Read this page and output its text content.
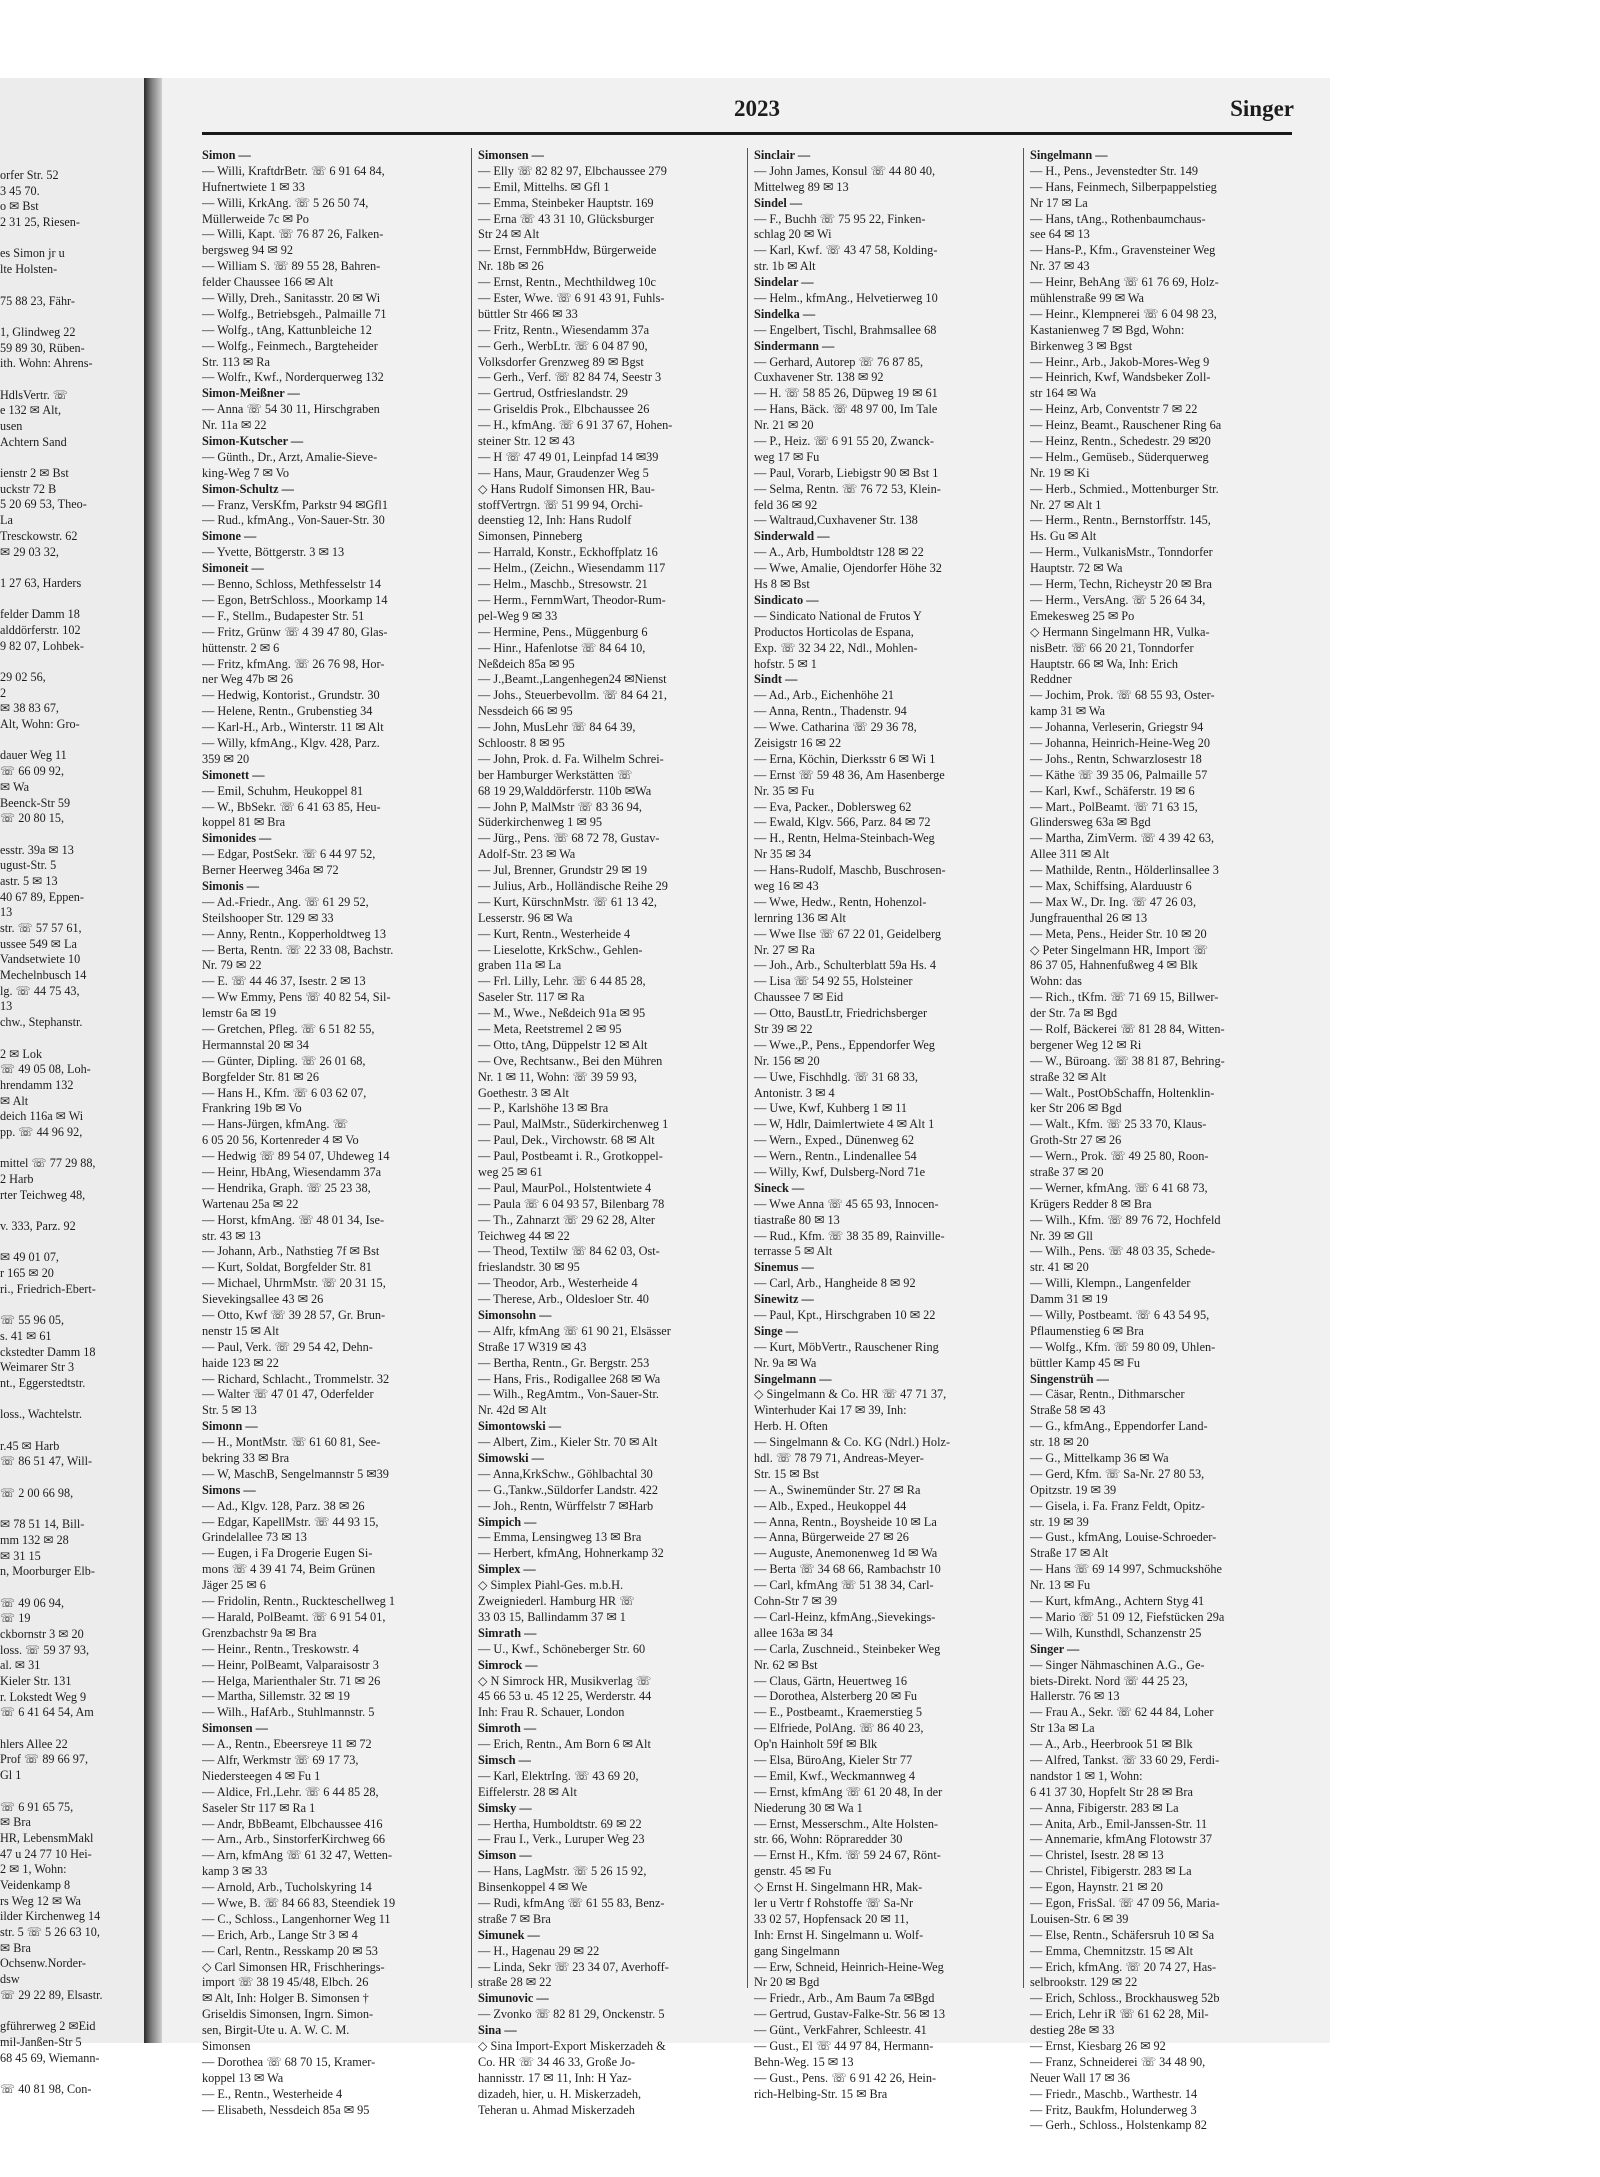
orfer Str. 52
3 45 70.
o ✉ Bst
2 31 25, Riesen-
es Simon jr u
lte Holsten-
75 88 23, Fähr-
1, Glindweg 22
59 89 30, Rüben-
ith. Wohn: Ahrens-
HdlsVertr. ☏
e 132 ✉ Alt,
usen
Achtern Sand
ienstr 2 ✉ Bst
uckstr 72 B
5 20 69 53, Theo-
La
Tresckowstr. 62
✉ 29 03 32,
1 27 63, Harders
felder Damm 18
alddörferstr. 102
9 82 07, Lohbek-
29 02 56,
2
✉ 38 83 67,
Alt, Wohn: Gro-
dauer Weg 11
☏ 66 09 92,
✉ Wa
Beenck-Str 59
☏ 20 80 15,
esstr. 39a ✉ 13
ugust-Str. 5
astr. 5 ✉ 13
40 67 89, Eppen-
13
str. ☏ 57 57 61,
ussee 549 ✉ La
Vandsetwiete 10
Mechelnbusch 14
lg. ☏ 44 75 43,
13
chw., Stephanstr.
2 ✉ Lok
☏ 49 05 08, Loh-
hrendamm 132
✉ Alt
deich 116a ✉ Wi
pp. ☏ 44 96 92,
mittel ☏ 77 29 88,
2 Harb
rter Teichweg 48,
v. 333, Parz. 92
✉ 49 01 07,
r 165 ✉ 20
ri., Friedrich-Ebert-
☏ 55 96 05,
s. 41 ✉ 61
ckstedter Damm 18
Weimarer Str 3
nt., Eggerstedtstr.
loss., Wachtelstr.
r.45 ✉ Harb
☏ 86 51 47, Will-
☏ 2 00 66 98,
✉ 78 51 14, Bill-
mm 132 ✉ 28
✉ 31 15
n, Moorburger Elb-
☏ 49 06 94,
☏ 19
ckbornstr 3 ✉ 20
loss. ☏ 59 37 93,
al. ✉ 31
Kieler Str. 131
r. Lokstedt Weg 9
☏ 6 41 64 54, Am
hlers Allee 22
Prof ☏ 89 66 97,
Gl 1
☏ 6 91 65 75,
✉ Bra
HR, LebensmMakl
47 u 24 77 10 Hei-
2 ✉ 1, Wohn:
Veidenkamp 8
rs Weg 12 ✉ Wa
ilder Kirchenweg 14
str. 5 ☏ 5 26 63 10,
✉ Bra
Ochsenw.Norder-
dsw
☏ 29 22 89, Elsastr.
gführerweg 2 ✉Eid
mil-Janßen-Str 5
68 45 69, Wiemann-
☏ 40 81 98, Con-
2023	Singer
Simon —
— Willi, KraftdrBetr. ☏ 6 91 64 84,
Hufnertwiete 1 ✉ 33
— Willi, KrkAng. ☏ 5 26 50 74,
Müllerweide 7c ✉ Po
— Willi, Kapt. ☏ 76 87 26, Falken-
bergsweg 94 ✉ 92
— William S. ☏ 89 55 28, Bahren-
felder Chaussee 166 ✉ Alt
— Willy, Dreh., Sanitasstr. 20 ✉ Wi
— Wolfg., Betriebsgeh., Palmaille 71
— Wolfg., tAng, Kattunbleiche 12
— Wolfg., Feinmech., Bargteheider
Str. 113 ✉ Ra
— Wolfr., Kwf., Norderquerweg 132
Simon-Meißner —
— Anna ☏ 54 30 11, Hirschgraben
Nr. 11a ✉ 22
Simon-Kutscher —
— Günth., Dr., Arzt, Amalie-Sieve-
king-Weg 7 ✉ Vo
Simon-Schultz —
— Franz, VersKfm, Parkstr 94 ✉Gfl1
— Rud., kfmAng., Von-Sauer-Str. 30
Simone —
— Yvette, Böttgerstr. 3 ✉ 13
Simoneit —
— Benno, Schloss, Methfesselstr 14
— Egon, BetrSchloss., Moorkamp 14
— F., Stellm., Budapester Str. 51
— Fritz, Grünw ☏ 4 39 47 80, Glas-
hüttenstr. 2 ✉ 6
— Fritz, kfmAng. ☏ 26 76 98, Hor-
ner Weg 47b ✉ 26
— Hedwig, Kontorist., Grundstr. 30
— Helene, Rentn., Grubenstieg 34
— Karl-H., Arb., Winterstr. 11 ✉ Alt
— Willy, kfmAng., Klgv. 428, Parz.
359 ✉ 20
Simonett —
— Emil, Schuhm, Heukoppel 81
— W., BbSekr. ☏ 6 41 63 85, Heu-
koppel 81 ✉ Bra
Simonides —
— Edgar, PostSekr. ☏ 6 44 97 52,
Berner Heerweg 346a ✉ 72
Simonis —
— Ad.-Friedr., Ang. ☏ 61 29 52,
Steilshooper Str. 129 ✉ 33
— Anny, Rentn., Kopperholdtweg 13
— Berta, Rentn. ☏ 22 33 08, Bachstr.
Nr. 79 ✉ 22
— E. ☏ 44 46 37, Isestr. 2 ✉ 13
— Ww Emmy, Pens ☏ 40 82 54, Sil-
lemstr 6a ✉ 19
— Gretchen, Pfleg. ☏ 6 51 82 55,
Hermannstal 20 ✉ 34
— Günter, Dipling. ☏ 26 01 68,
Borgfelder Str. 81 ✉ 26
— Hans H., Kfm. ☏ 6 03 62 07,
Frankring 19b ✉ Vo
— Hans-Jürgen, kfmAng. ☏
6 05 20 56, Kortenreder 4 ✉ Vo
— Hedwig ☏ 89 54 07, Uhdeweg 14
— Heinr, HbAng, Wiesendamm 37a
— Hendrika, Graph. ☏ 25 23 38,
Wartenau 25a ✉ 22
— Horst, kfmAng. ☏ 48 01 34, Ise-
str. 43 ✉ 13
— Johann, Arb., Nathstieg 7f ✉ Bst
— Kurt, Soldat, Borgfelder Str. 81
— Michael, UhrmMstr. ☏ 20 31 15,
Sievekingsallee 43 ✉ 26
— Otto, Kwf ☏ 39 28 57, Gr. Brun-
nenstr 15 ✉ Alt
— Paul, Verk. ☏ 29 54 42, Dehn-
haide 123 ✉ 22
— Richard, Schlacht., Trommelstr. 32
— Walter ☏ 47 01 47, Oderfelder
Str. 5 ✉ 13
Simonn —
— H., MontMstr. ☏ 61 60 81, See-
bekring 33 ✉ Bra
— W, MaschB, Sengelmannstr 5 ✉39
Simons —
— Ad., Klgv. 128, Parz. 38 ✉ 26
— Edgar, KapellMstr. ☏ 44 93 15,
Grindelallee 73 ✉ 13
— Eugen, i Fa Drogerie Eugen Si-
mons ☏ 4 39 41 74, Beim Grünen
Jäger 25 ✉ 6
— Fridolin, Rentn., Ruckteschellweg 1
— Harald, PolBeamt. ☏ 6 91 54 01,
Grenzbachstr 9a ✉ Bra
— Heinr., Rentn., Treskowstr. 4
— Heinr, PolBeamt, Valparaisostr 3
— Helga, Marienthaler Str. 71 ✉ 26
— Martha, Sillemstr. 32 ✉ 19
— Wilh., HafArb., Stuhlmannstr. 5
Simonsen —
— A., Rentn., Ebeersreye 11 ✉ 72
— Alfr, Werkmstr ☏ 69 17 73,
Niedersteegen 4 ✉ Fu 1
— Aldice, Frl.,Lehr. ☏ 6 44 85 28,
Saseler Str 117 ✉ Ra 1
— Andr, BbBeamt, Elbchaussee 416
— Arn., Arb., SinstorferKirchweg 66
— Arn, kfmAng ☏ 61 32 47, Wetten-
kamp 3 ✉ 33
— Arnold, Arb., Tucholskyring 14
— Wwe, B. ☏ 84 66 83, Steendiek 19
— C., Schloss., Langenhorner Weg 11
— Erich, Arb., Lange Str 3 ✉ 4
— Carl, Rentn., Resskamp 20 ✉ 53
◇ Carl Simonsen HR, Frischherings-
import ☏ 38 19 45/48, Elbch. 26
✉ Alt, Inh: Holger B. Simonsen †
Griseldis Simonsen, Ingrn. Simon-
sen, Birgit-Ute u. A. W. C. M.
Simonsen
— Dorothea ☏ 68 70 15, Kramer-
koppel 13 ✉ Wa
— E., Rentn., Westerheide 4
— Elisabeth, Nessdeich 85a ✉ 95
Simonsen —
— Elly ☏ 82 82 97, Elbchaussee 279
— Emil, Mittelhs. ✉ Gfl 1
— Emma, Steinbeker Hauptstr. 169
— Erna ☏ 43 31 10, Glücksburger
Str 24 ✉ Alt
— Ernst, FernmbHdw, Bürgerweide
Nr. 18b ✉ 26
— Ernst, Rentn., Mechthildweg 10c
— Ester, Wwe. ☏ 6 91 43 91, Fuhls-
büttler Str 466 ✉ 33
— Fritz, Rentn., Wiesendamm 37a
— Gerh., WerbLtr. ☏ 6 04 87 90,
Volksdorfer Grenzweg 89 ✉ Bgst
— Gerh., Verf. ☏ 82 84 74, Seestr 3
— Gertrud, Ostfrieslandstr. 29
— Griseldis Prok., Elbchaussee 26
— H., kfmAng. ☏ 6 91 37 67, Hohen-
steiner Str. 12 ✉ 43
— H ☏ 47 49 01, Leinpfad 14 ✉39
— Hans, Maur, Graudenzer Weg 5
◇ Hans Rudolf Simonsen HR, Bau-
stoffVertrgn. ☏ 51 99 94, Orchi-
deenstieg 12, Inh: Hans Rudolf
Simonsen, Pinneberg
— Harrald, Konstr., Eckhoffplatz 16
— Helm., (Zeichn., Wiesendamm 117
— Helm., Maschb., Stresowstr. 21
— Herm., FernmWart, Theodor-Rum-
pel-Weg 9 ✉ 33
— Hermine, Pens., Müggenburg 6
— Hinr., Hafenlotse ☏ 84 64 10,
Neßdeich 85a ✉ 95
— J.,Beamt.,Langenhegen24 ✉Nienst
— Johs., Steuerbevollm. ☏ 84 64 21,
Nessdeich 66 ✉ 95
— John, MusLehr ☏ 84 64 39,
Schloostr. 8 ✉ 95
— John, Prok. d. Fa. Wilhelm Schrei-
ber Hamburger Werkstätten ☏
68 19 29,Walddörferstr. 110b ✉Wa
— John P, MalMstr ☏ 83 36 94,
Süderkirchenweg 1 ✉ 95
— Jürg., Pens. ☏ 68 72 78, Gustav-
Adolf-Str. 23 ✉ Wa
— Jul, Brenner, Grundstr 29 ✉ 19
— Julius, Arb., Holländische Reihe 29
— Kurt, KürschnMstr. ☏ 61 13 42,
Lesserstr. 96 ✉ Wa
— Kurt, Rentn., Westerheide 4
— Lieselotte, KrkSchw., Gehlen-
graben 11a ✉ La
— Frl. Lilly, Lehr. ☏ 6 44 85 28,
Saseler Str. 117 ✉ Ra
— M., Wwe., Neßdeich 91a ✉ 95
— Meta, Reetstremel 2 ✉ 95
— Otto, tAng, Düppelstr 12 ✉ Alt
— Ove, Rechtsanw., Bei den Mühren
Nr. 1 ✉ 11, Wohn: ☏ 39 59 93,
Goethestr. 3 ✉ Alt
— P., Karlshöhe 13 ✉ Bra
— Paul, MalMstr., Süderkirchenweg 1
— Paul, Dek., Virchowstr. 68 ✉ Alt
— Paul, Postbeamt i. R., Grotkoppel-
weg 25 ✉ 61
— Paul, MaurPol., Holstentwiete 4
— Paula ☏ 6 04 93 57, Bilenbarg 78
— Th., Zahnarzt ☏ 29 62 28, Alter
Teichweg 44 ✉ 22
— Theod, Textilw ☏ 84 62 03, Ost-
frieslandstr. 30 ✉ 95
— Theodor, Arb., Westerheide 4
— Therese, Arb., Oldesloer Str. 40
Simonsohn —
— Alfr, kfmAng ☏ 61 90 21, Elsässer
Straße 17 W319 ✉ 43
— Bertha, Rentn., Gr. Bergstr. 253
— Hans, Fris., Rodigallee 268 ✉ Wa
— Wilh., RegAmtm., Von-Sauer-Str.
Nr. 42d ✉ Alt
Simontowski —
— Albert, Zim., Kieler Str. 70 ✉ Alt
Simowski —
— Anna,KrkSchw., Göhlbachtal 30
— G.,Tankw.,Süldorfer Landstr. 422
— Joh., Rentn, Würffelstr 7 ✉Harb
Simpich —
— Emma, Lensingweg 13 ✉ Bra
— Herbert, kfmAng, Hohnerkamp 32
Simplex —
◇ Simplex Piahl-Ges. m.b.H.
Zweigniederl. Hamburg HR ☏
33 03 15, Ballindamm 37 ✉ 1
Simrath —
— U., Kwf., Schöneberger Str. 60
Simrock —
◇ N Simrock HR, Musikverlag ☏
45 66 53 u. 45 12 25, Werderstr. 44
Inh: Frau R. Schauer, London
Simroth —
— Erich, Rentn., Am Born 6 ✉ Alt
Simsch —
— Karl, ElektrIng. ☏ 43 69 20,
Eiffelerstr. 28 ✉ Alt
Simsky —
— Hertha, Humboldtstr. 69 ✉ 22
— Frau I., Verk., Luruper Weg 23
Simson —
— Hans, LagMstr. ☏ 5 26 15 92,
Binsenkoppel 4 ✉ We
— Rudi, kfmAng ☏ 61 55 83, Benz-
straße 7 ✉ Bra
Simunek —
— H., Hagenau 29 ✉ 22
— Linda, Sekr ☏ 23 34 07, Averhoff-
straße 28 ✉ 22
Simunovic —
— Zvonko ☏ 82 81 29, Onckenstr. 5
Sina —
◇ Sina Import-Export Miskerzadeh &
Co. HR ☏ 34 46 33, Große Jo-
hannisstr. 17 ✉ 11, Inh: H Yaz-
dizadeh, hier, u. H. Miskerzadeh,
Teheran u. Ahmad Miskerzadeh
Sinclair —
— John James, Konsul ☏ 44 80 40,
Mittelweg 89 ✉ 13
Sindel —
— F., Buchh ☏ 75 95 22, Finken-
schlag 20 ✉ Wi
— Karl, Kwf. ☏ 43 47 58, Kolding-
str. 1b ✉ Alt
Sindelar —
— Helm., kfmAng., Helvetierweg 10
Sindelka —
— Engelbert, Tischl, Brahmsallee 68
Sindermann —
— Gerhard, Autorep ☏ 76 87 85,
Cuxhavener Str. 138 ✉ 92
— H. ☏ 58 85 26, Düpweg 19 ✉ 61
— Hans, Bäck. ☏ 48 97 00, Im Tale
Nr. 21 ✉ 20
— P., Heiz. ☏ 6 91 55 20, Zwanck-
weg 17 ✉ Fu
— Paul, Vorarb, Liebigstr 90 ✉ Bst 1
— Selma, Rentn. ☏ 76 72 53, Klein-
feld 36 ✉ 92
— Waltraud,Cuxhavener Str. 138
Sinderwald —
— A., Arb, Humboldtstr 128 ✉ 22
— Wwe, Amalie, Ojendorfer Höhe 32
Hs 8 ✉ Bst
Sindicato —
— Sindicato National de Frutos Y
Productos Horticolas de Espana,
Exp. ☏ 32 34 22, Ndl., Mohlen-
hofstr. 5 ✉ 1
Sindt —
— Ad., Arb., Eichenhöhe 21
— Anna, Rentn., Thadenstr. 94
— Wwe. Catharina ☏ 29 36 78,
Zeisigstr 16 ✉ 22
— Erna, Köchin, Dierksstr 6 ✉ Wi 1
— Ernst ☏ 59 48 36, Am Hasenberge
Nr. 35 ✉ Fu
— Eva, Packer., Doblersweg 62
— Ewald, Klgv. 566, Parz. 84 ✉ 72
— H., Rentn, Helma-Steinbach-Weg
Nr 35 ✉ 34
— Hans-Rudolf, Maschb, Buschrosen-
weg 16 ✉ 43
— Wwe, Hedw., Rentn, Hohenzol-
lernring 136 ✉ Alt
— Wwe Ilse ☏ 67 22 01, Geidelberg
Nr. 27 ✉ Ra
— Joh., Arb., Schulterblatt 59a Hs. 4
— Lisa ☏ 54 92 55, Holsteiner
Chaussee 7 ✉ Eid
— Otto, BaustLtr, Friedrichsberger
Str 39 ✉ 22
— Wwe.,P., Pens., Eppendorfer Weg
Nr. 156 ✉ 20
— Uwe, Fischhdlg. ☏ 31 68 33,
Antonistr. 3 ✉ 4
— Uwe, Kwf, Kuhberg 1 ✉ 11
— W, Hdlr, Daimlertwiete 4 ✉ Alt 1
— Wern., Exped., Dünenweg 62
— Wern., Rentn., Lindenallee 54
— Willy, Kwf, Dulsberg-Nord 71e
Sineck —
— Wwe Anna ☏ 45 65 93, Innocen-
tiastraße 80 ✉ 13
— Rud., Kfm. ☏ 38 35 89, Rainville-
terrasse 5 ✉ Alt
Sinemus —
— Carl, Arb., Hangheide 8 ✉ 92
Sinewitz —
— Paul, Kpt., Hirschgraben 10 ✉ 22
Singe —
— Kurt, MöbVertr., Rauschener Ring
Nr. 9a ✉ Wa
Singelmann —
◇ Singelmann & Co. HR ☏ 47 71 37,
Winterhuder Kai 17 ✉ 39, Inh:
Herb. H. Often
— Singelmann & Co. KG (Ndrl.) Holz-
hdl. ☏ 78 79 71, Andreas-Meyer-
Str. 15 ✉ Bst
— A., Swinemünder Str. 27 ✉ Ra
— Alb., Exped., Heukoppel 44
— Anna, Rentn., Boysheide 10 ✉ La
— Anna, Bürgerweide 27 ✉ 26
— Auguste, Anemonenweg 1d ✉ Wa
— Berta ☏ 34 68 66, Rambachstr 10
— Carl, kfmAng ☏ 51 38 34, Carl-
Cohn-Str 7 ✉ 39
— Carl-Heinz, kfmAng.,Sievekings-
allee 163a ✉ 34
— Carla, Zuschneid., Steinbeker Weg
Nr. 62 ✉ Bst
— Claus, Gärtn, Heuertweg 16
— Dorothea, Alsterberg 20 ✉ Fu
— E., Postbeamt., Kraemerstieg 5
— Elfriede, PolAng. ☏ 86 40 23,
Op'n Hainholt 59f ✉ Blk
— Elsa, BüroAng, Kieler Str 77
— Emil, Kwf., Weckmannweg 4
— Ernst, kfmAng ☏ 61 20 48, In der
Niederung 30 ✉ Wa 1
— Ernst, Messerschm., Alte Holsten-
str. 66, Wohn: Röpraredder 30
— Ernst H., Kfm. ☏ 59 24 67, Rönt-
genstr. 45 ✉ Fu
◇ Ernst H. Singelmann HR, Mak-
ler u Vertr f Rohstoffe ☏ Sa-Nr
33 02 57, Hopfensack 20 ✉ 11,
Inh: Ernst H. Singelmann u. Wolf-
gang Singelmann
— Erw, Schneid, Heinrich-Heine-Weg
Nr 20 ✉ Bgd
— Friedr., Arb., Am Baum 7a ✉Bgd
— Gertrud, Gustav-Falke-Str. 56 ✉ 13
— Günt., VerkFahrer, Schleestr. 41
— Gust., El ☏ 44 97 84, Hermann-
Behn-Weg. 15 ✉ 13
— Gust., Pens. ☏ 6 91 42 26, Hein-
rich-Helbing-Str. 15 ✉ Bra
Singelmann —
— H., Pens., Jevenstedter Str. 149
— Hans, Feinmech, Silberpappelstieg
Nr 17 ✉ La
— Hans, tAng., Rothenbaumchaus-
see 64 ✉ 13
— Hans-P., Kfm., Gravensteiner Weg
Nr. 37 ✉ 43
— Heinr, BehAng ☏ 61 76 69, Holz-
mühlenstraße 99 ✉ Wa
— Heinr., Klempnerei ☏ 6 04 98 23,
Kastanienweg 7 ✉ Bgd, Wohn:
Birkenweg 3 ✉ Bgst
— Heinr., Arb., Jakob-Mores-Weg 9
— Heinrich, Kwf, Wandsbeker Zoll-
str 164 ✉ Wa
— Heinz, Arb, Conventstr 7 ✉ 22
— Heinz, Beamt., Rauschener Ring 6a
— Heinz, Rentn., Schedestr. 29 ✉20
— Helm., Gemüseb., Süderquerweg
Nr. 19 ✉ Ki
— Herb., Schmied., Mottenburger Str.
Nr. 27 ✉ Alt 1
— Herm., Rentn., Bernstorffstr. 145,
Hs. Gu ✉ Alt
— Herm., VulkanisMstr., Tonndorfer
Hauptstr. 72 ✉ Wa
— Herm, Techn, Richeystr 20 ✉ Bra
— Herm., VersAng. ☏ 5 26 64 34,
Emekesweg 25 ✉ Po
◇ Hermann Singelmann HR, Vulka-
nisBetr. ☏ 66 20 21, Tonndorfer
Hauptstr. 66 ✉ Wa, Inh: Erich
Reddner
— Jochim, Prok. ☏ 68 55 93, Oster-
kamp 31 ✉ Wa
— Johanna, Verleserin, Griegstr 94
— Johanna, Heinrich-Heine-Weg 20
— Johs., Rentn, Schwarzlosestr 18
— Käthe ☏ 39 35 06, Palmaille 57
— Karl, Kwf., Schäferstr. 19 ✉ 6
— Mart., PolBeamt. ☏ 71 63 15,
Glindersweg 63a ✉ Bgd
— Martha, ZimVerm. ☏ 4 39 42 63,
Allee 311 ✉ Alt
— Mathilde, Rentn., Hölderlinsallee 3
— Max, Schiffsing, Alarduustr 6
— Max W., Dr. Ing. ☏ 47 26 03,
Jungfrauenthal 26 ✉ 13
— Meta, Pens., Heider Str. 10 ✉ 20
◇ Peter Singelmann HR, Import ☏
86 37 05, Hahnenfußweg 4 ✉ Blk
Wohn: das
— Rich., tKfm. ☏ 71 69 15, Billwer-
der Str. 7a ✉ Bgd
— Rolf, Bäckerei ☏ 81 28 84, Witten-
bergener Weg 12 ✉ Ri
— W., Büroang. ☏ 38 81 87, Behring-
straße 32 ✉ Alt
— Walt., PostObSchaffn, Holtenklin-
ker Str 206 ✉ Bgd
— Walt., Kfm. ☏ 25 33 70, Klaus-
Groth-Str 27 ✉ 26
— Wern., Prok. ☏ 49 25 80, Roon-
straße 37 ✉ 20
— Werner, kfmAng. ☏ 6 41 68 73,
Krügers Redder 8 ✉ Bra
— Wilh., Kfm. ☏ 89 76 72, Hochfeld
Nr. 39 ✉ Gll
— Wilh., Pens. ☏ 48 03 35, Schede-
str. 41 ✉ 20
— Willi, Klempn., Langenfelder
Damm 31 ✉ 19
— Willy, Postbeamt. ☏ 6 43 54 95,
Pflaumenstieg 6 ✉ Bra
— Wolfg., Kfm. ☏ 59 80 09, Uhlen-
büttler Kamp 45 ✉ Fu
Singenstrüh —
— Cäsar, Rentn., Dithmarscher
Straße 58 ✉ 43
— G., kfmAng., Eppendorfer Land-
str. 18 ✉ 20
— G., Mittelkamp 36 ✉ Wa
— Gerd, Kfm. ☏ Sa-Nr. 27 80 53,
Opitzstr. 19 ✉ 39
— Gisela, i. Fa. Franz Feldt, Opitz-
str. 19 ✉ 39
— Gust., kfmAng, Louise-Schroeder-
Straße 17 ✉ Alt
— Hans ☏ 69 14 997, Schmuckshöhe
Nr. 13 ✉ Fu
— Kurt, kfmAng., Achtern Styg 41
— Mario ☏ 51 09 12, Fiefstücken 29a
— Wilh, Kunsthdl, Schanzenstr 25
Singer —
— Singer Nähmaschinen A.G., Ge-
biets-Direkt. Nord ☏ 44 25 23,
Hallerstr. 76 ✉ 13
— Frau A., Sekr. ☏ 62 44 84, Loher
Str 13a ✉ La
— A., Arb., Heerbrook 51 ✉ Blk
— Alfred, Tankst. ☏ 33 60 29, Ferdi-
nandstor 1 ✉ 1, Wohn:
6 41 37 30, Hopfelt Str 28 ✉ Bra
— Anna, Fibigerstr. 283 ✉ La
— Anita, Arb., Emil-Janssen-Str. 11
— Annemarie, kfmAng Flotowstr 37
— Christel, Isestr. 28 ✉ 13
— Christel, Fibigerstr. 283 ✉ La
— Egon, Haynstr. 21 ✉ 20
— Egon, FrisSal. ☏ 47 09 56, Maria-
Louisen-Str. 6 ✉ 39
— Else, Rentn., Schäfersruh 10 ✉ Sa
— Emma, Chemnitzstr. 15 ✉ Alt
— Erich, kfmAng. ☏ 20 74 27, Has-
selbrookstr. 129 ✉ 22
— Erich, Schloss., Brockhausweg 52b
— Erich, Lehr iR ☏ 61 62 28, Mil-
destieg 28e ✉ 33
— Ernst, Kiesbarg 26 ✉ 92
— Franz, Schneiderei ☏ 34 48 90,
Neuer Wall 17 ✉ 36
— Friedr., Maschb., Warthestr. 14
— Fritz, Baukfm, Holunderweg 3
— Gerh., Schloss., Holstenkamp 82
